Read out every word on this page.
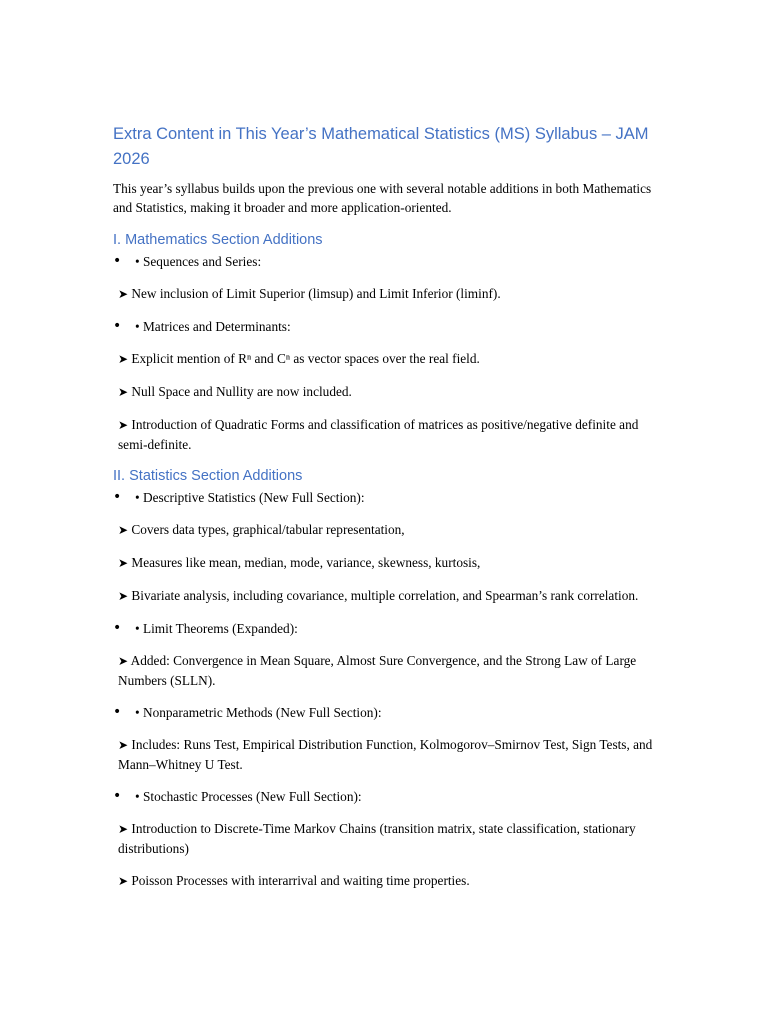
Extra Content in This Year’s Mathematical Statistics (MS) Syllabus – JAM 2026

This year’s syllabus builds upon the previous one with several notable additions in both Mathematics and Statistics, making it broader and more application-oriented.

I. Mathematics Section Additions
•	• Sequences and Series:

➤ New inclusion of Limit Superior (limsup) and Limit Inferior (liminf).

•	• Matrices and Determinants:

➤ Explicit mention of Rⁿ and Cⁿ as vector spaces over the real field.

➤ Null Space and Nullity are now included.

➤ Introduction of Quadratic Forms and classification of matrices as positive/negative definite and semi-definite.

II. Statistics Section Additions
•	• Descriptive Statistics (New Full Section):

➤ Covers data types, graphical/tabular representation,

➤ Measures like mean, median, mode, variance, skewness, kurtosis,

➤ Bivariate analysis, including covariance, multiple correlation, and Spearman’s rank correlation.

•	• Limit Theorems (Expanded):

➤ Added: Convergence in Mean Square, Almost Sure Convergence, and the Strong Law of Large Numbers (SLLN).

•	• Nonparametric Methods (New Full Section):

➤ Includes: Runs Test, Empirical Distribution Function, Kolmogorov–Smirnov Test, Sign Tests, and Mann–Whitney U Test.

•	• Stochastic Processes (New Full Section):

➤ Introduction to Discrete-Time Markov Chains (transition matrix, state classification, stationary distributions)

➤ Poisson Processes with interarrival and waiting time properties.
